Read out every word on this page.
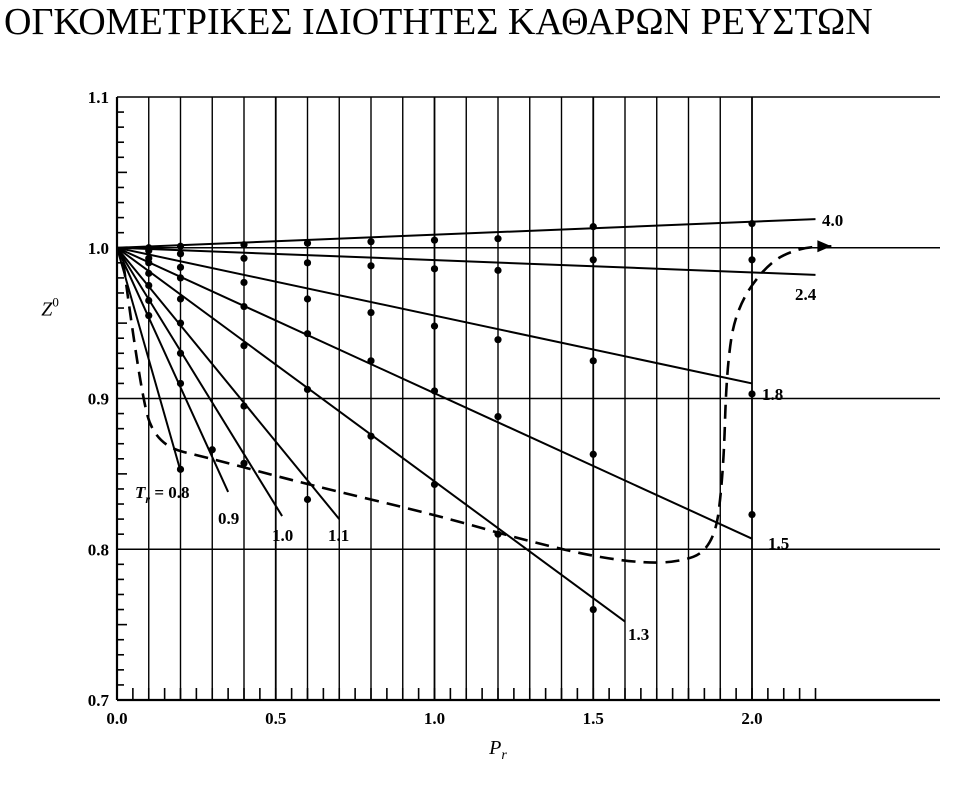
ΟΓΚΟΜΕΤΡΙΚΕΣ ΙΔΙΟΤΗΤΕΣ ΚΑΘΑΡΩΝ ΡΕΥΣΤΩΝ
0.7
0.8
0.9
1.0
1.1
0.0	0.5	1.0	1.5	2.0
$P_r$
$Z^0$
$T_r = 0.8$
0.9
1.0 1.1
1.3
1.5
1.8
2.4
4.0
